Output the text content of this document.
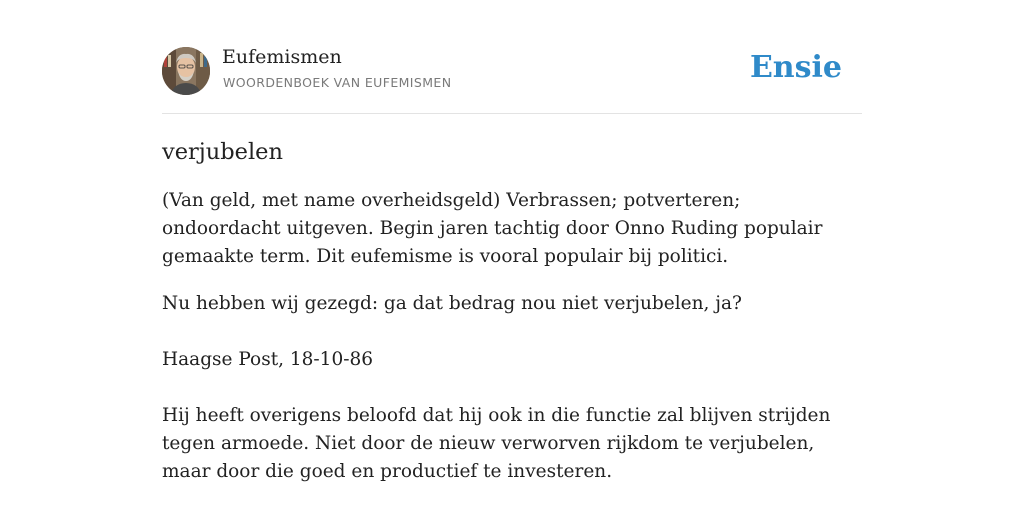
Eufemismen
WOORDENBOEK VAN EUFEMISMEN	Ensie
verjubelen

(Van geld, met name overheidsgeld) Verbrassen; potverteren; ondoordacht uitgeven. Begin jaren tachtig door Onno Ruding populair gemaakte term. Dit eufemisme is vooral populair bij politici.

Nu hebben wij gezegd: ga dat bedrag nou niet verjubelen, ja?

Haagse Post, 18-10-86

Hij heeft overigens beloofd dat hij ook in die functie zal blijven strijden tegen armoede. Niet door de nieuw verworven rijkdom te verjubelen, maar door die goed en productief te investeren.
